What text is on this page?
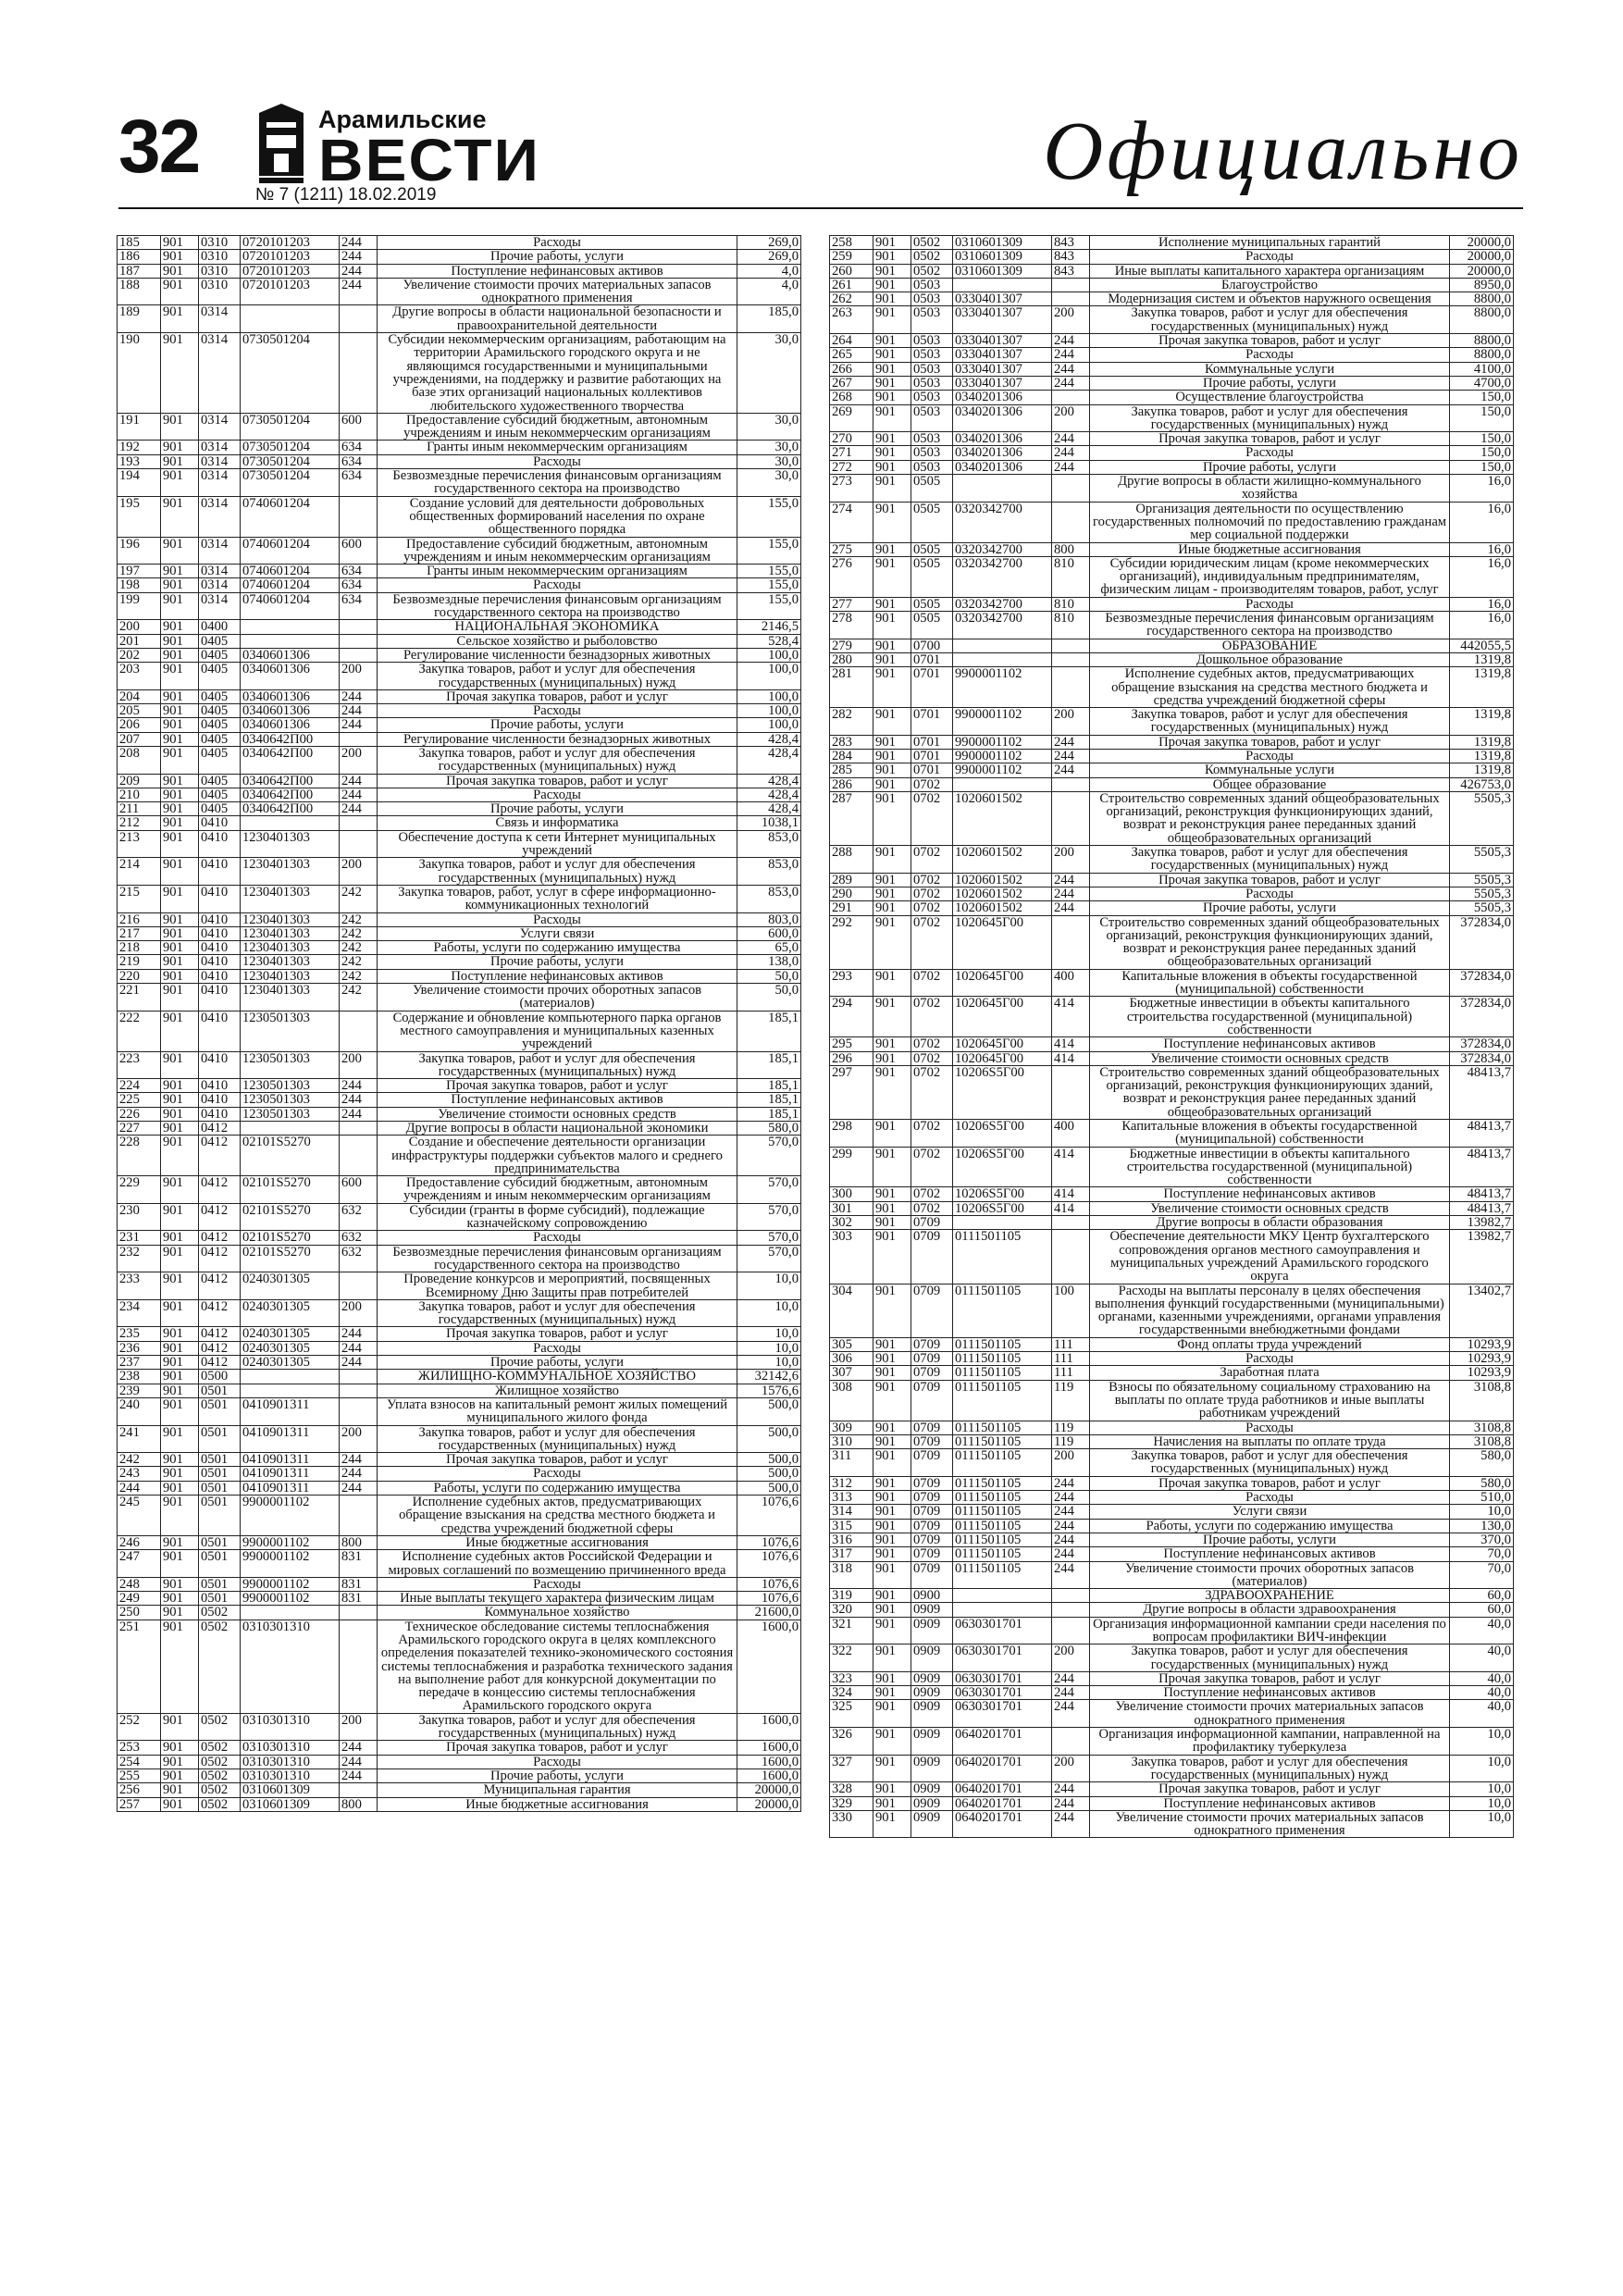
32	Арамильские
ВЕСТИ
№ 7 (1211) 18.02.2019	Официально
185	901	0310	0720101203	244	Расходы	269,0
186	901	0310	0720101203	244	Прочие работы, услуги	269,0
187	901	0310	0720101203	244	Поступление нефинансовых активов	4,0
188	901	0310	0720101203	244	Увеличение стоимости прочих материальных запасов однократного применения	4,0
189	901	0314			Другие вопросы в области национальной безопасности и правоохранительной деятельности	185,0
190	901	0314	0730501204		Субсидии некоммерческим организациям, работающим на территории Арамильского городского округа и не являющимся государственными и муниципальными учреждениями, на поддержку и развитие работающих на базе этих организаций национальных коллективов любительского художественного творчества	30,0
191	901	0314	0730501204	600	Предоставление субсидий бюджетным, автономным учреждениям и иным некоммерческим организациям	30,0
192	901	0314	0730501204	634	Гранты иным некоммерческим организациям	30,0
193	901	0314	0730501204	634	Расходы	30,0
194	901	0314	0730501204	634	Безвозмездные перечисления финансовым организациям государственного сектора на производство	30,0
195	901	0314	0740601204		Создание условий для деятельности добровольных общественных формирований населения по охране общественного порядка	155,0
196	901	0314	0740601204	600	Предоставление субсидий бюджетным, автономным учреждениям и иным некоммерческим организациям	155,0
197	901	0314	0740601204	634	Гранты иным некоммерческим организациям	155,0
198	901	0314	0740601204	634	Расходы	155,0
199	901	0314	0740601204	634	Безвозмездные перечисления финансовым организациям государственного сектора на производство	155,0
200	901	0400			НАЦИОНАЛЬНАЯ ЭКОНОМИКА	2146,5
201	901	0405			Сельское хозяйство и рыболовство	528,4
202	901	0405	0340601306		Регулирование численности безнадзорных животных	100,0
203	901	0405	0340601306	200	Закупка товаров, работ и услуг для обеспечения государственных (муниципальных) нужд	100,0
204	901	0405	0340601306	244	Прочая закупка товаров, работ и услуг	100,0
205	901	0405	0340601306	244	Расходы	100,0
206	901	0405	0340601306	244	Прочие работы, услуги	100,0
207	901	0405	0340642П00		Регулирование численности безнадзорных животных	428,4
208	901	0405	0340642П00	200	Закупка товаров, работ и услуг для обеспечения государственных (муниципальных) нужд	428,4
209	901	0405	0340642П00	244	Прочая закупка товаров, работ и услуг	428,4
210	901	0405	0340642П00	244	Расходы	428,4
211	901	0405	0340642П00	244	Прочие работы, услуги	428,4
212	901	0410			Связь и информатика	1038,1
213	901	0410	1230401303		Обеспечение доступа к сети Интернет муниципальных учреждений	853,0
214	901	0410	1230401303	200	Закупка товаров, работ и услуг для обеспечения государственных (муниципальных) нужд	853,0
215	901	0410	1230401303	242	Закупка товаров, работ, услуг в сфере информационно-коммуникационных технологий	853,0
216	901	0410	1230401303	242	Расходы	803,0
217	901	0410	1230401303	242	Услуги связи	600,0
218	901	0410	1230401303	242	Работы, услуги по содержанию имущества	65,0
219	901	0410	1230401303	242	Прочие работы, услуги	138,0
220	901	0410	1230401303	242	Поступление нефинансовых активов	50,0
221	901	0410	1230401303	242	Увеличение стоимости прочих оборотных запасов (материалов)	50,0
222	901	0410	1230501303		Содержание и обновление компьютерного парка органов местного самоуправления и муниципальных казенных учреждений	185,1
223	901	0410	1230501303	200	Закупка товаров, работ и услуг для обеспечения государственных (муниципальных) нужд	185,1
224	901	0410	1230501303	244	Прочая закупка товаров, работ и услуг	185,1
225	901	0410	1230501303	244	Поступление нефинансовых активов	185,1
226	901	0410	1230501303	244	Увеличение стоимости основных средств	185,1
227	901	0412			Другие вопросы в области национальной экономики	580,0
228	901	0412	02101S5270		Создание и обеспечение деятельности организации инфраструктуры поддержки субъектов малого и среднего предпринимательства	570,0
229	901	0412	02101S5270	600	Предоставление субсидий бюджетным, автономным учреждениям и иным некоммерческим организациям	570,0
230	901	0412	02101S5270	632	Субсидии (гранты в форме субсидий), подлежащие казначейскому сопровождению	570,0
231	901	0412	02101S5270	632	Расходы	570,0
232	901	0412	02101S5270	632	Безвозмездные перечисления финансовым организациям государственного сектора на производство	570,0
233	901	0412	0240301305		Проведение конкурсов и мероприятий, посвященных Всемирному Дню Защиты прав потребителей	10,0
234	901	0412	0240301305	200	Закупка товаров, работ и услуг для обеспечения государственных (муниципальных) нужд	10,0
235	901	0412	0240301305	244	Прочая закупка товаров, работ и услуг	10,0
236	901	0412	0240301305	244	Расходы	10,0
237	901	0412	0240301305	244	Прочие работы, услуги	10,0
238	901	0500			ЖИЛИЩНО-КОММУНАЛЬНОЕ ХОЗЯЙСТВО	32142,6
239	901	0501			Жилищное хозяйство	1576,6
240	901	0501	0410901311		Уплата взносов на капитальный ремонт жилых помещений муниципального жилого фонда	500,0
241	901	0501	0410901311	200	Закупка товаров, работ и услуг для обеспечения государственных (муниципальных) нужд	500,0
242	901	0501	0410901311	244	Прочая закупка товаров, работ и услуг	500,0
243	901	0501	0410901311	244	Расходы	500,0
244	901	0501	0410901311	244	Работы, услуги по содержанию имущества	500,0
245	901	0501	9900001102		Исполнение судебных актов, предусматривающих обращение взыскания на средства местного бюджета и средства учреждений бюджетной сферы	1076,6
246	901	0501	9900001102	800	Иные бюджетные ассигнования	1076,6
247	901	0501	9900001102	831	Исполнение судебных актов Российской Федерации и мировых соглашений по возмещению причиненного вреда	1076,6
248	901	0501	9900001102	831	Расходы	1076,6
249	901	0501	9900001102	831	Иные выплаты текущего характера физическим лицам	1076,6
250	901	0502			Коммунальное хозяйство	21600,0
251	901	0502	0310301310		Техническое обследование системы теплоснабжения Арамильского городского округа в целях комплексного определения показателей технико-экономического состояния системы теплоснабжения и разработка технического задания на выполнение работ для конкурсной документации по передаче в концессию системы теплоснабжения Арамильского городского округа	1600,0
252	901	0502	0310301310	200	Закупка товаров, работ и услуг для обеспечения государственных (муниципальных) нужд	1600,0
253	901	0502	0310301310	244	Прочая закупка товаров, работ и услуг	1600,0
254	901	0502	0310301310	244	Расходы	1600,0
255	901	0502	0310301310	244	Прочие работы, услуги	1600,0
256	901	0502	0310601309		Муниципальная гарантия	20000,0
257	901	0502	0310601309	800	Иные бюджетные ассигнования	20000,0
258	901	0502	0310601309	843	Исполнение муниципальных гарантий	20000,0
259	901	0502	0310601309	843	Расходы	20000,0
260	901	0502	0310601309	843	Иные выплаты капитального характера организациям	20000,0
261	901	0503			Благоустройство	8950,0
262	901	0503	0330401307		Модернизация систем и объектов наружного освещения	8800,0
263	901	0503	0330401307	200	Закупка товаров, работ и услуг для обеспечения государственных (муниципальных) нужд	8800,0
264	901	0503	0330401307	244	Прочая закупка товаров, работ и услуг	8800,0
265	901	0503	0330401307	244	Расходы	8800,0
266	901	0503	0330401307	244	Коммунальные услуги	4100,0
267	901	0503	0330401307	244	Прочие работы, услуги	4700,0
268	901	0503	0340201306		Осуществление благоустройства	150,0
269	901	0503	0340201306	200	Закупка товаров, работ и услуг для обеспечения государственных (муниципальных) нужд	150,0
270	901	0503	0340201306	244	Прочая закупка товаров, работ и услуг	150,0
271	901	0503	0340201306	244	Расходы	150,0
272	901	0503	0340201306	244	Прочие работы, услуги	150,0
273	901	0505			Другие вопросы в области жилищно-коммунального хозяйства	16,0
274	901	0505	0320342700		Организация деятельности по осуществлению государственных полномочий по предоставлению гражданам мер социальной поддержки	16,0
275	901	0505	0320342700	800	Иные бюджетные ассигнования	16,0
276	901	0505	0320342700	810	Субсидии юридическим лицам (кроме некоммерческих организаций), индивидуальным предпринимателям, физическим лицам - производителям товаров, работ, услуг	16,0
277	901	0505	0320342700	810	Расходы	16,0
278	901	0505	0320342700	810	Безвозмездные перечисления финансовым организациям государственного сектора на производство	16,0
279	901	0700			ОБРАЗОВАНИЕ	442055,5
280	901	0701			Дошкольное образование	1319,8
281	901	0701	9900001102		Исполнение судебных актов, предусматривающих обращение взыскания на средства местного бюджета и средства учреждений бюджетной сферы	1319,8
282	901	0701	9900001102	200	Закупка товаров, работ и услуг для обеспечения государственных (муниципальных) нужд	1319,8
283	901	0701	9900001102	244	Прочая закупка товаров, работ и услуг	1319,8
284	901	0701	9900001102	244	Расходы	1319,8
285	901	0701	9900001102	244	Коммунальные услуги	1319,8
286	901	0702			Общее образование	426753,0
287	901	0702	1020601502		Строительство современных зданий общеобразовательных организаций, реконструкция функционирующих зданий, возврат и реконструкция ранее переданных зданий общеобразовательных организаций	5505,3
288	901	0702	1020601502	200	Закупка товаров, работ и услуг для обеспечения государственных (муниципальных) нужд	5505,3
289	901	0702	1020601502	244	Прочая закупка товаров, работ и услуг	5505,3
290	901	0702	1020601502	244	Расходы	5505,3
291	901	0702	1020601502	244	Прочие работы, услуги	5505,3
292	901	0702	1020645Г00		Строительство современных зданий общеобразовательных организаций, реконструкция функционирующих зданий, возврат и реконструкция ранее переданных зданий общеобразовательных организаций	372834,0
293	901	0702	1020645Г00	400	Капитальные вложения в объекты государственной (муниципальной) собственности	372834,0
294	901	0702	1020645Г00	414	Бюджетные инвестиции в объекты капитального строительства государственной (муниципальной) собственности	372834,0
295	901	0702	1020645Г00	414	Поступление нефинансовых активов	372834,0
296	901	0702	1020645Г00	414	Увеличение стоимости основных средств	372834,0
297	901	0702	10206S5Г00		Строительство современных зданий общеобразовательных организаций, реконструкция функционирующих зданий, возврат и реконструкция ранее переданных зданий общеобразовательных организаций	48413,7
298	901	0702	10206S5Г00	400	Капитальные вложения в объекты государственной (муниципальной) собственности	48413,7
299	901	0702	10206S5Г00	414	Бюджетные инвестиции в объекты капитального строительства государственной (муниципальной) собственности	48413,7
300	901	0702	10206S5Г00	414	Поступление нефинансовых активов	48413,7
301	901	0702	10206S5Г00	414	Увеличение стоимости основных средств	48413,7
302	901	0709			Другие вопросы в области образования	13982,7
303	901	0709	0111501105		Обеспечение деятельности МКУ Центр бухгалтерского сопровождения органов местного самоуправления и муниципальных учреждений Арамильского городского округа	13982,7
304	901	0709	0111501105	100	Расходы на выплаты персоналу в целях обеспечения выполнения функций государственными (муниципальными) органами, казенными учреждениями, органами управления государственными внебюджетными фондами	13402,7
305	901	0709	0111501105	111	Фонд оплаты труда учреждений	10293,9
306	901	0709	0111501105	111	Расходы	10293,9
307	901	0709	0111501105	111	Заработная плата	10293,9
308	901	0709	0111501105	119	Взносы по обязательному социальному страхованию на выплаты по оплате труда работников и иные выплаты работникам учреждений	3108,8
309	901	0709	0111501105	119	Расходы	3108,8
310	901	0709	0111501105	119	Начисления на выплаты по оплате труда	3108,8
311	901	0709	0111501105	200	Закупка товаров, работ и услуг для обеспечения государственных (муниципальных) нужд	580,0
312	901	0709	0111501105	244	Прочая закупка товаров, работ и услуг	580,0
313	901	0709	0111501105	244	Расходы	510,0
314	901	0709	0111501105	244	Услуги связи	10,0
315	901	0709	0111501105	244	Работы, услуги по содержанию имущества	130,0
316	901	0709	0111501105	244	Прочие работы, услуги	370,0
317	901	0709	0111501105	244	Поступление нефинансовых активов	70,0
318	901	0709	0111501105	244	Увеличение стоимости прочих оборотных запасов (материалов)	70,0
319	901	0900			ЗДРАВООХРАНЕНИЕ	60,0
320	901	0909			Другие вопросы в области здравоохранения	60,0
321	901	0909	0630301701		Организация информационной кампании среди населения по вопросам профилактики ВИЧ-инфекции	40,0
322	901	0909	0630301701	200	Закупка товаров, работ и услуг для обеспечения государственных (муниципальных) нужд	40,0
323	901	0909	0630301701	244	Прочая закупка товаров, работ и услуг	40,0
324	901	0909	0630301701	244	Поступление нефинансовых активов	40,0
325	901	0909	0630301701	244	Увеличение стоимости прочих материальных запасов однократного применения	40,0
326	901	0909	0640201701		Организация информационной кампании, направленной на профилактику туберкулеза	10,0
327	901	0909	0640201701	200	Закупка товаров, работ и услуг для обеспечения государственных (муниципальных) нужд	10,0
328	901	0909	0640201701	244	Прочая закупка товаров, работ и услуг	10,0
329	901	0909	0640201701	244	Поступление нефинансовых активов	10,0
330	901	0909	0640201701	244	Увеличение стоимости прочих материальных запасов однократного применения	10,0
